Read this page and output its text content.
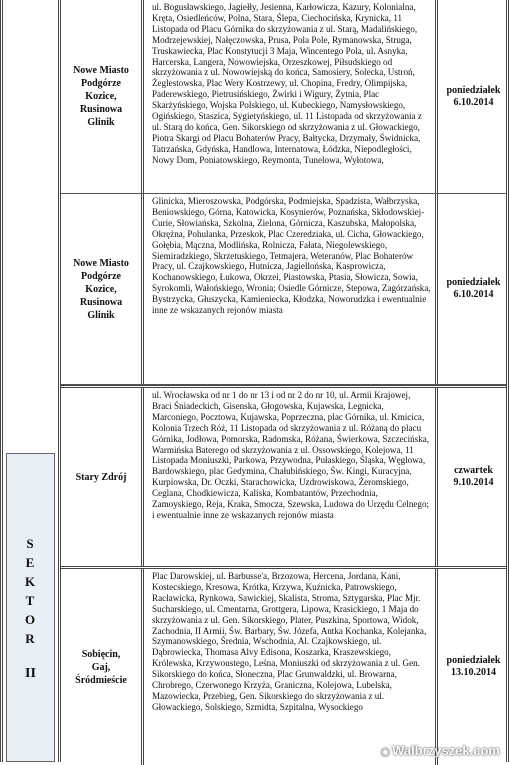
S
E
K
T
O
R
II
Nowe Miasto
Podgórze
Kozice,
Rusinowa
Glinik
ul. Bogusławskiego, Jagiełły, Jesienna, Karłowicza, Kazury, Kolonialna, Kręta, Osiedleńców, Polna, Stara, Ślepa, Ciechocińska, Krynicka, 11 Listopada od Placu Górnika do skrzyżowania z ul. Starą, Madalińskiego, Modrzejewskiej, Nałęczowska, Prusa, Pola Pole, Rymanowska, Struga, Truskawiecka, Plac Konstytucji 3 Maja, Wincentego Pola, ul. Asnyka, Harcerska, Langera, Nowowiejska, Orzeszkowej, Piłsudskiego od skrzyżowania z ul. Nowowiejską do końca, Samosiery, Solecka, Ustroń, Żeglestowska, Plac Wery Kostrzewy, ul. Chopina, Fredry, Olimpijska, Paderewskiego, Pietrusińskiego, Żwirki i Wigury, Żytnia, Plac Skarżyńskiego, Wojska Polskiego, ul. Kubeckiego, Namysłowskiego, Ogińskiego, Staszica, Sygietyńskiego, ul. 11 Listopada od skrzyżowania z ul. Starą do końca, Gen. Sikorskiego od skrzyżowania z ul. Głowackiego, Piotra Skargi od Placu Bohaterów Pracy, Bałtycka, Drzymały, Świdnicka, Tatrzańska, Gdyńska, Handlowa, Internatowa, Łódzka, Niepodległości, Nowy Dom, Poniatowskiego, Reymonta, Tunelowa, Wyłotowa,
poniedziałek
6.10.2014
Nowe Miasto
Podgórze
Kozice,
Rusinowa
Glinik
Glinicka, Mieroszowska, Podgórska, Podmiejska, Spadzista, Wałbrzyska, Beniowskiego, Górna, Katowicka, Kosynierów, Poznańska, Skłodowskiej-Curie, Słowiańska, Szkolna, Zielona, Górnicza, Kaszubska, Małopolska, Okrężna, Pohulanka, Przeskok, Plac Czeredziaka, ul. Cicha, Głowackiego, Gołębia, Mączna, Modlińska, Rolnicza, Fałata, Niegolewskiego, Siemiradzkiego, Skrzetuskiego, Tetmajera, Weteranów, Plac Bohaterów Pracy, ul. Czajkowskiego, Hutnicza, Jagiellońska, Kasprowicza, Kochanowskiego, Łukowa, Okrzei, Piastowska, Ptasia, Słowicza, Sowia, Syrokomli, Wałońskiego, Wronia; Osiedle Górnicze, Stepowa, Zagórzańska, Bystrzycka, Głuszycka, Kamieniecka, Kłodzka, Noworudzka i ewentualnie inne ze wskazanych rejonów miasta
poniedziałek
6.10.2014
Stary Zdrój
ul. Wrocławska od nr 1 do nr 13 i od nr 2 do nr 10, ul. Armii Krajowej, Braci Śniadeckich, Gisenska, Głogowska, Kujawska, Legnicka, Marconiego, Pocztowa, Kujawska, Poprzeczna, plac Górnika, ul. Kmicica, Kolonia Trzech Róż, 11 Listopada od skrzyżowania z ul. Różaną do placu Górnika, Jodłowa, Pomorska, Radomska, Różana, Świerkowa, Szczecińska, Warmińska Baterego od skrzyżowania z ul. Ossowskiego, Kolejowa, 11 Listopada Moniuszki, Parkowa, Przywodna, Pułaskiego, Śląska, Węglowa, Bardowskiego, plac Gedymina, Chałubińskiego, Św. Kingi, Kuracyjna, Kurpiowska, Dr. Oczki, Starachowicka, Uzdrowiskowa, Żeromskiego, Ceglana, Chodkiewicza, Kaliska, Kombatantów, Przechodnia, Zamoyskiego, Reja, Kraka, Smocza, Szewska, Ludowa do Urzędu Celnego; i ewentualnie inne ze wskazanych rejonów miasta
czwartek
9.10.2014
Sobięcin,
Gaj,
Śródmieście
Plac Darowskiej, ul. Barbusse'a, Brzozowa, Hercena, Jordana, Kani, Kostecskiego, Kresowa, Krótka, Krzywa, Kuźnicka, Patrowskiego, Racławicka, Rynkowa, Sawickiej, Skalista, Stroma, Sztygarska, Plac Mjr. Sucharskiego, ul. Cmentarna, Grottgera, Lipowa, Krasickiego, 1 Maja do skrzyżowania z ul. Gen. Sikorskiego, Plater, Puszkina, Sportowa, Widok, Zachodnia, II Armii, Św. Barbary, Św. Józefa, Antka Kochanka, Kolejanka, Szymanowskiego, Średnia, Wschodnia, Al. Czajkowskiego, ul. Dąbrowiecka, Thomasa Alvy Edisona, Koszarka, Kraszewskiego, Królewska, Krzywoustego, Leśna, Moniuszki od skrzyżowania z ul. Gen. Sikorskiego do końca, Słoneczna, Plac Grunwaldzki, ul. Browarna, Chrobrego, Czerwonego Krzyża, Graniczna, Kolejowa, Lubelska, Mazowiecka, Przebieg, Gen. Sikorskiego do skrzyżowania z ul. Głowackiego, Solskiego, Szmidta, Szpitalna, Wysockiego
poniedziałek
13.10.2014
◉ Walbrzyszek.com
